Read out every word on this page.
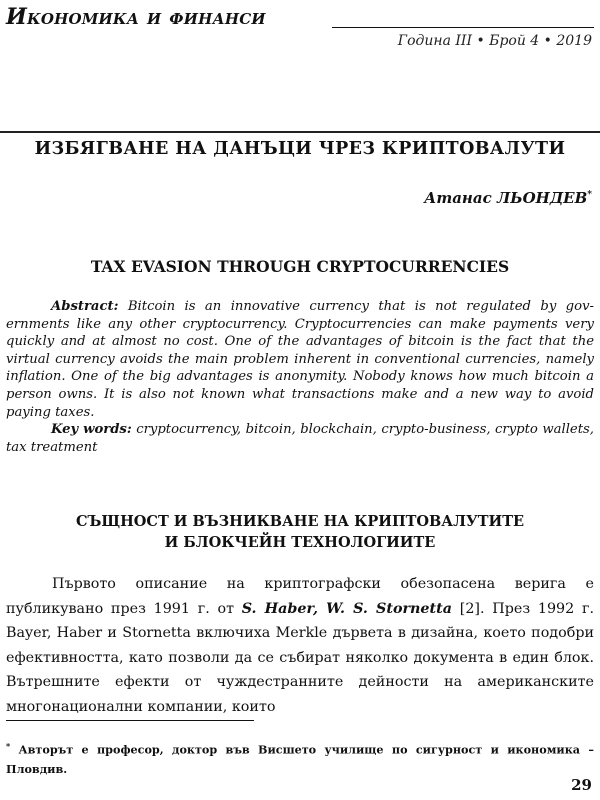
Икономика и финанси
Година III • Брой 4 • 2019
ИЗБЯГВАНЕ НА ДАНЪЦИ ЧРЕЗ КРИПТОВАЛУТИ
Атанас ЛЬОНДЕВ*
TAX EVASION THROUGH CRYPTOCURRENCIES

Abstract: Bitcoin is an innovative currency that is not regulated by governments like any other cryptocurrency. Cryptocurrencies can make payments very quickly and at almost no cost. One of the advantages of bitcoin is the fact that the virtual currency avoids the main problem inherent in conventional currencies, namely inflation. One of the big advantages is anonymity. Nobody knows how much bitcoin a person owns. It is also not known what transactions make and a new way to avoid paying taxes.

Key words: cryptocurrency, bitcoin, blockchain, crypto-business, crypto wallets, tax treatment

СЪЩНОСТ И ВЪЗНИКВАНЕ НА КРИПТОВАЛУТИТЕ
И БЛОКЧЕЙН ТЕХНОЛОГИИТЕ

Първото описание на криптографски обезопасена верига е публикувано през 1991 г. от S. Haber, W. S. Stornetta [2]. През 1992 г. Bayer, Haber и Stornetta включиха Merkle дървета в дизайна, което подобри ефективността, като позволи да се събират няколко документа в един блок. Вътрешните ефекти от чуждестранните дейности на американските многонационални компании, които

* Авторът е професор, доктор във Висшето училище по сигурност и икономика – Пловдив.
29
